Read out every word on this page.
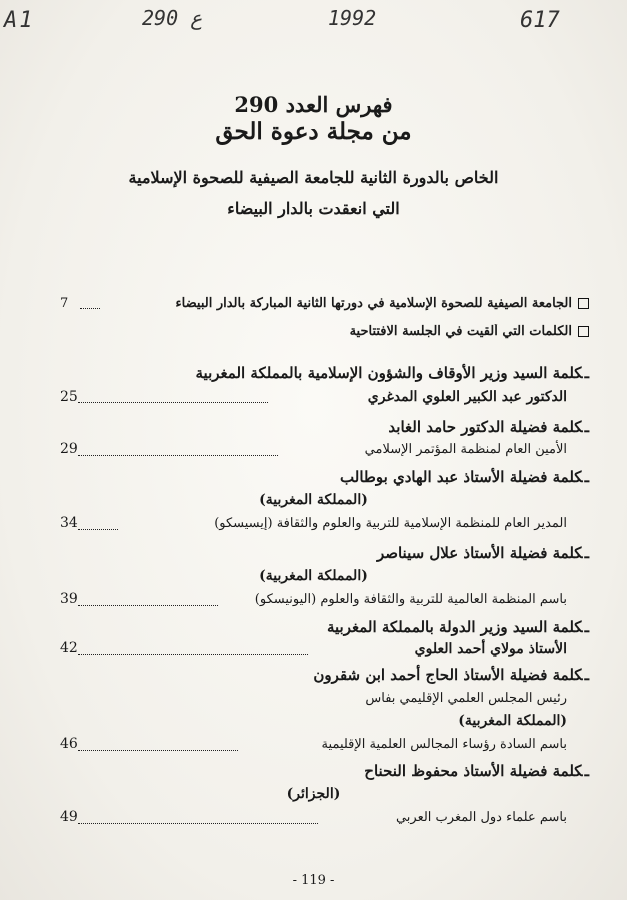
A1	290 ع	1992	617
فهرس العدد 290
من مجلة دعوة الحق
الخاص بالدورة الثانية للجامعة الصيفية للصحوة الإسلامية
التي انعقدت بالدار البيضاء
الجامعة الصيفية للصحوة الإسلامية في دورتها الثانية المباركة بالدار البيضاء
7
الكلمات التي ألقيت في الجلسة الافتتاحية
ـكلمة السيد وزير الأوقاف والشؤون الإسلامية بالمملكة المغربية
الدكتور عبد الكبير العلوي المدغري
25
ـكلمة فضيلة الدكتور حامد الغابد
الأمين العام لمنظمة المؤتمر الإسلامي
29
ـكلمة فضيلة الأستاذ عبد الهادي بوطالب
(المملكة المغربية)
المدير العام للمنظمة الإسلامية للتربية والعلوم والثقافة (إيسيسكو)
34
ـكلمة فضيلة الأستاذ علال سيناصر
(المملكة المغربية)
باسم المنظمة العالمية للتربية والثقافة والعلوم (اليونيسكو)
39
ـكلمة السيد وزير الدولة بالمملكة المغربية
الأستاذ مولاي أحمد العلوي
42
ـكلمة فضيلة الأستاذ الحاج أحمد ابن شقرون
رئيس المجلس العلمي الإقليمي بفاس
(المملكة المغربية)
باسم السادة رؤساء المجالس العلمية الإقليمية
46
ـكلمة فضيلة الأستاذ محفوظ النحناح
(الجزائر)
باسم علماء دول المغرب العربي
49
- 119 -
